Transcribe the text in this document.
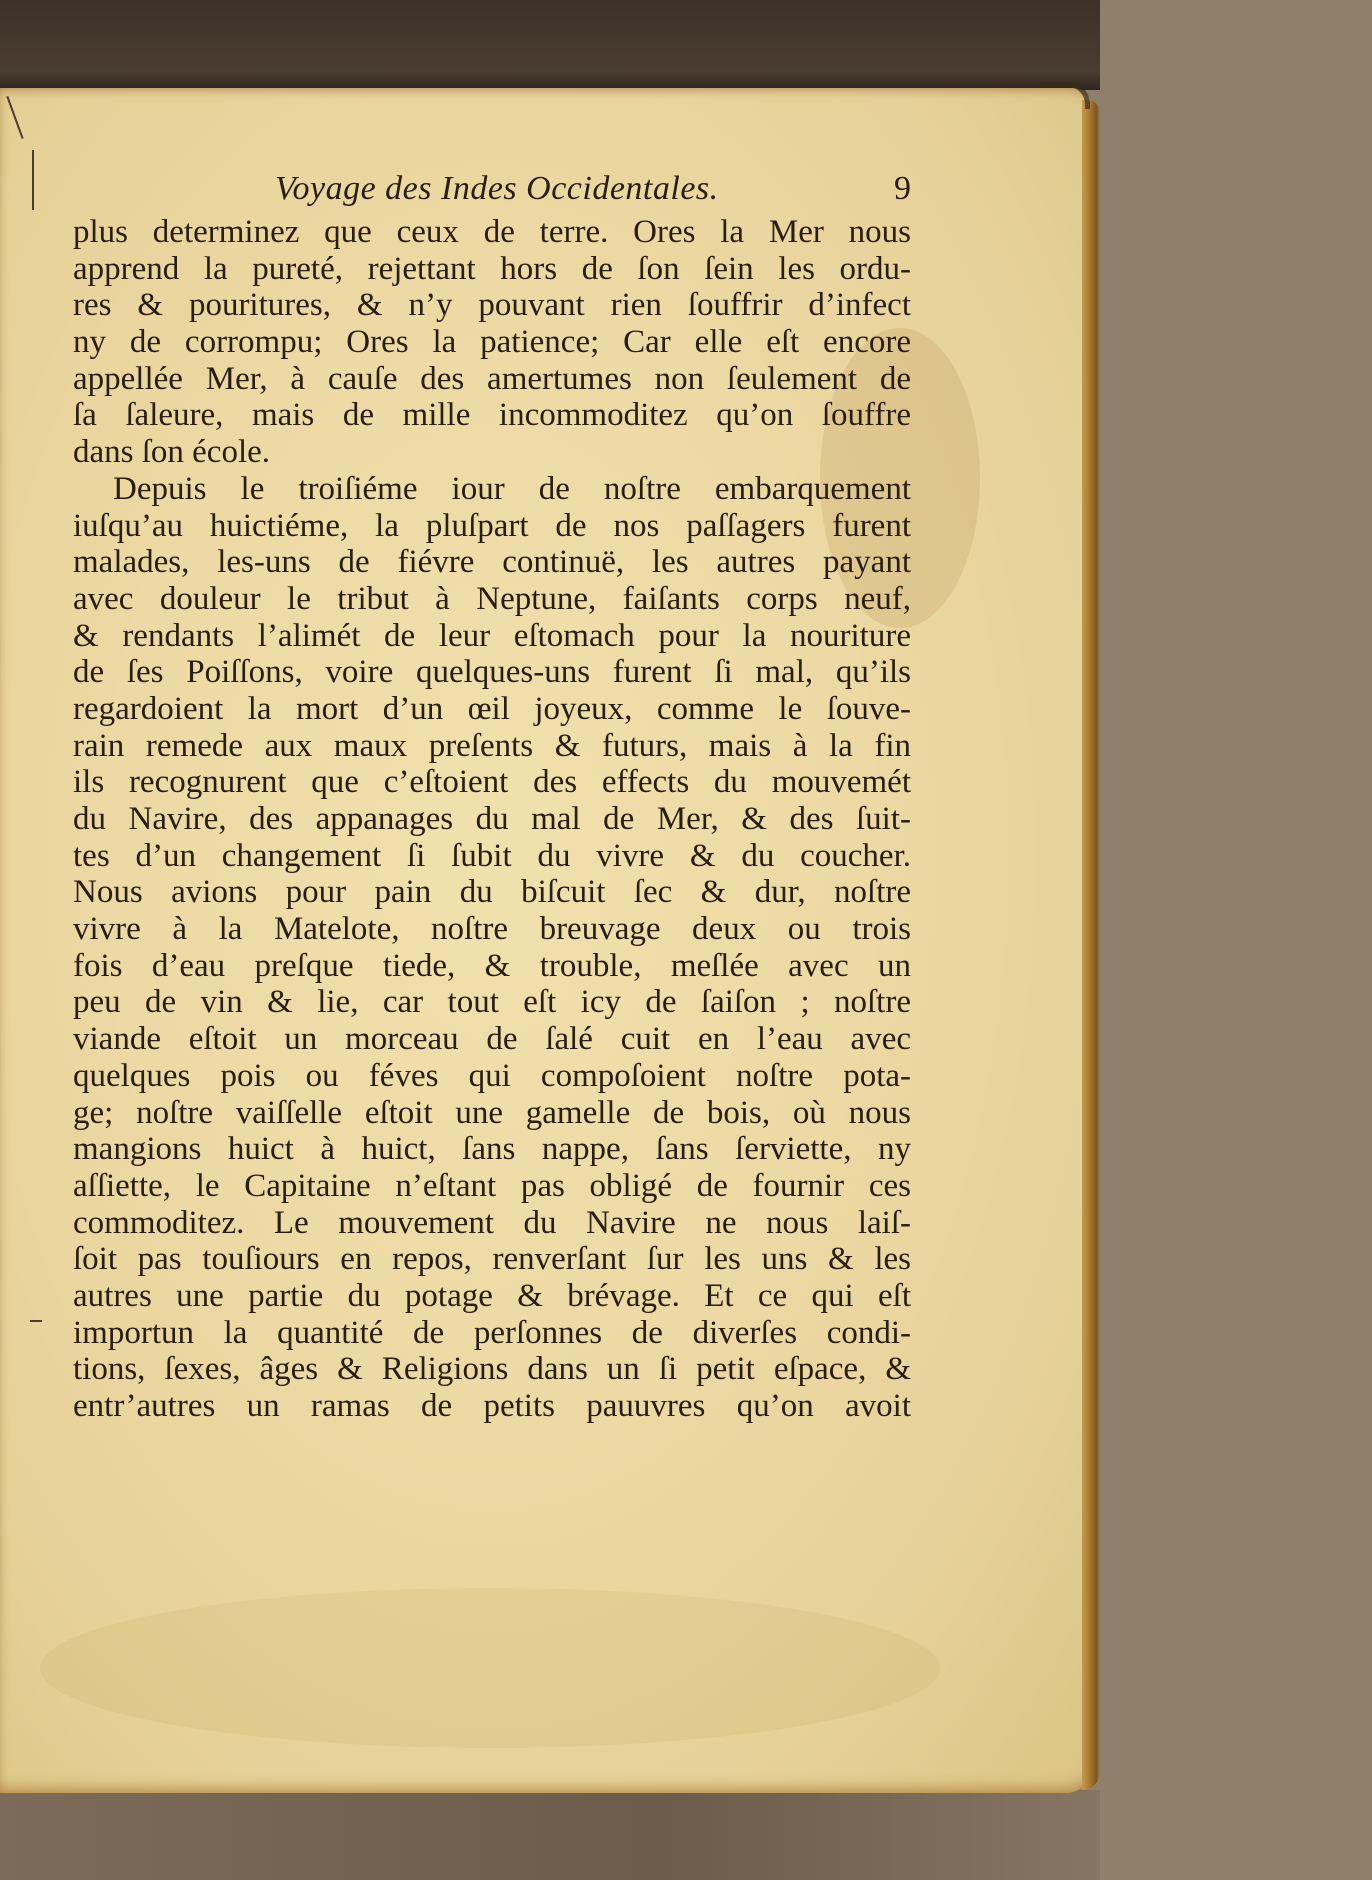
Voyage des Indes Occidentales.	9
plus determinez que ceux de terre. Ores la Mer nous
apprend la pureté, rejettant hors de ſon ſein les ordu-
res & pouritures, & n’y pouvant rien ſouffrir d’infect
ny de corrompu; Ores la patience; Car elle eſt encore
appellée Mer, à cauſe des amertumes non ſeulement de
ſa ſaleure, mais de mille incommoditez qu’on ſouffre
dans ſon école.
Depuis le troiſiéme iour de noſtre embarquement
iuſqu’au huictiéme, la pluſpart de nos paſſagers furent
malades, les-uns de fiévre continuë, les autres payant
avec douleur le tribut à Neptune, faiſants corps neuf,
& rendants l’alimét de leur eſtomach pour la nouriture
de ſes Poiſſons, voire quelques-uns furent ſi mal, qu’ils
regardoient la mort d’un œil joyeux, comme le ſouve-
rain remede aux maux preſents & futurs, mais à la fin
ils recognurent que c’eſtoient des effects du mouvemét
du Navire, des appanages du mal de Mer, & des ſuit-
tes d’un changement ſi ſubit du vivre & du coucher.
Nous avions pour pain du biſcuit ſec & dur, noſtre
vivre à la Matelote, noſtre breuvage deux ou trois
fois d’eau preſque tiede, & trouble, meſlée avec un
peu de vin & lie, car tout eſt icy de ſaiſon ; noſtre
viande eſtoit un morceau de ſalé cuit en l’eau avec
quelques pois ou féves qui compoſoient noſtre pota-
ge; noſtre vaiſſelle eſtoit une gamelle de bois, où nous
mangions huict à huict, ſans nappe, ſans ſerviette, ny
aſſiette, le Capitaine n’eſtant pas obligé de fournir ces
commoditez. Le mouvement du Navire ne nous laiſ-
ſoit pas touſiours en repos, renverſant ſur les uns & les
autres une partie du potage & brévage. Et ce qui eſt
importun la quantité de perſonnes de diverſes condi-
tions, ſexes, âges & Religions dans un ſi petit eſpace, &
entr’autres un ramas de petits pauuvres qu’on avoit
